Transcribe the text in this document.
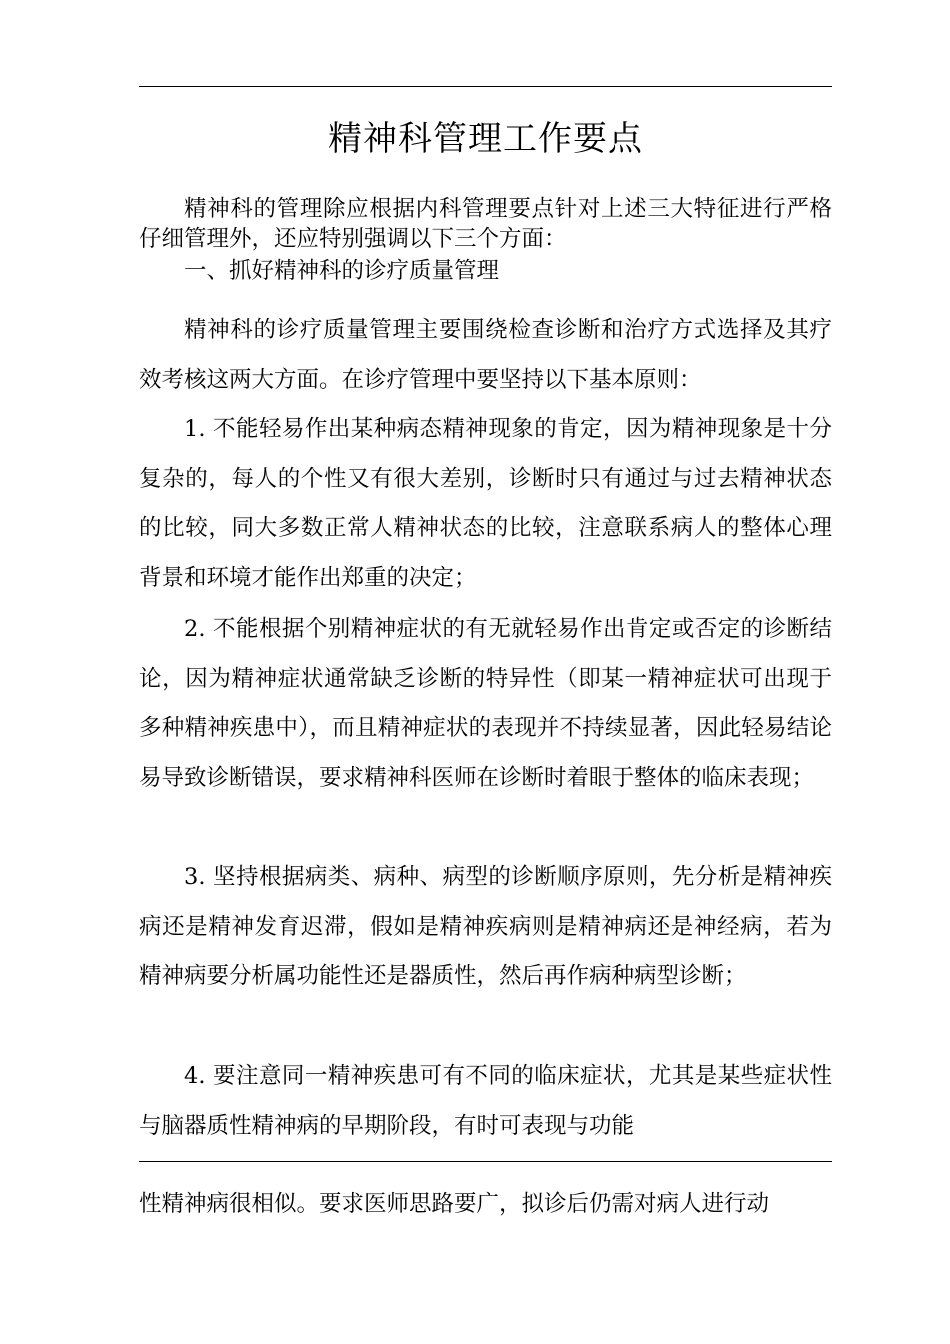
精神科管理工作要点

精神科的管理除应根据内科管理要点针对上述三大特征进行严格仔细管理外，还应特别强调以下三个方面：

一、抓好精神科的诊疗质量管理

精神科的诊疗质量管理主要围绕检查诊断和治疗方式选择及其疗效考核这两大方面。在诊疗管理中要坚持以下基本原则：

1. 不能轻易作出某种病态精神现象的肯定，因为精神现象是十分复杂的，每人的个性又有很大差别，诊断时只有通过与过去精神状态的比较，同大多数正常人精神状态的比较，注意联系病人的整体心理背景和环境才能作出郑重的决定；

2. 不能根据个别精神症状的有无就轻易作出肯定或否定的诊断结论，因为精神症状通常缺乏诊断的特异性（即某一精神症状可出现于多种精神疾患中），而且精神症状的表现并不持续显著，因此轻易结论易导致诊断错误，要求精神科医师在诊断时着眼于整体的临床表现；

3. 坚持根据病类、病种、病型的诊断顺序原则，先分析是精神疾病还是精神发育迟滞，假如是精神疾病则是精神病还是神经病，若为精神病要分析属功能性还是器质性，然后再作病种病型诊断；

4. 要注意同一精神疾患可有不同的临床症状，尤其是某些症状性与脑器质性精神病的早期阶段，有时可表现与功能

性精神病很相似。要求医师思路要广，拟诊后仍需对病人进行动
